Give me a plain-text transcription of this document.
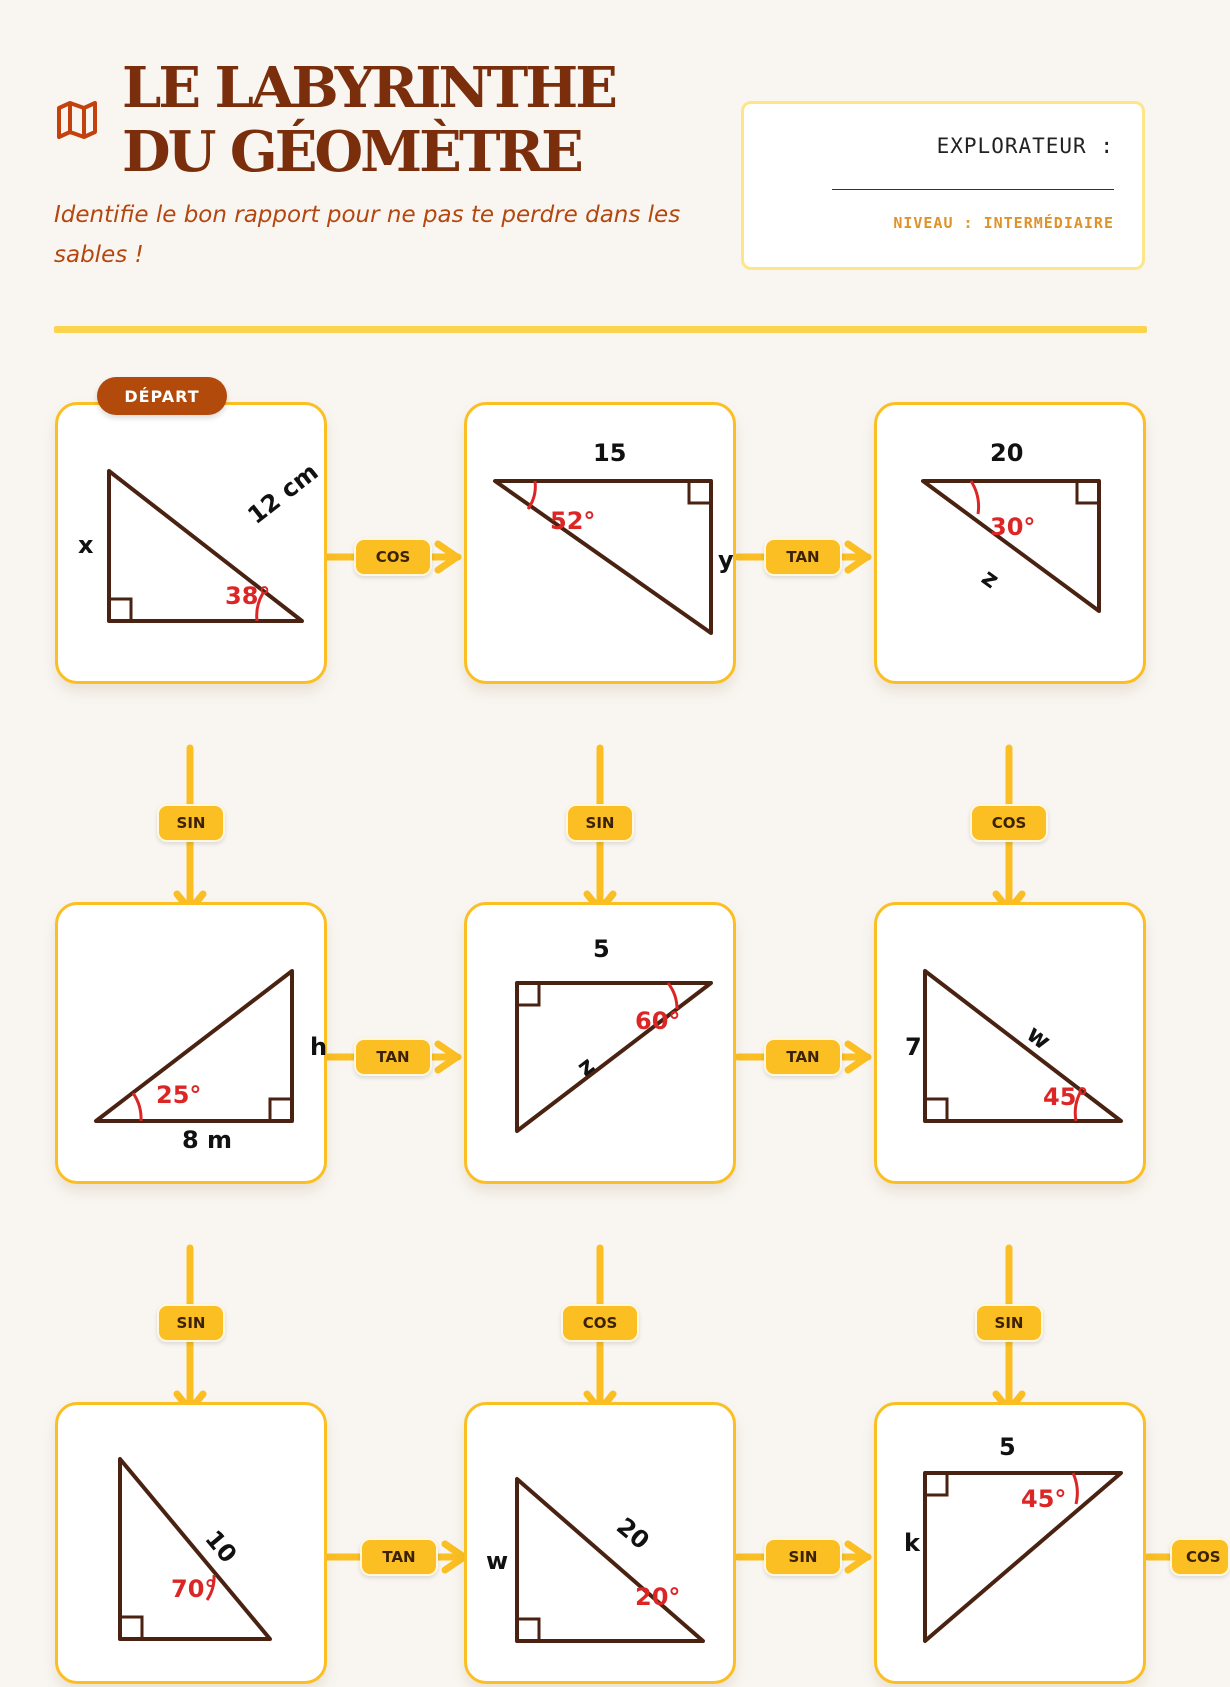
LE LABYRINTHE DU GÉOMÈTRE

Identifie le bon rapport pour ne pas te perdre dans les sables !

EXPLORATEUR :
NIVEAU : INTERMÉDIAIRE
x
12 cm
38°
DÉPART
15
y
52°
20
z
30°
h
8 m
25°
5
z
60°
7	w
45°
10
70°
w
20
20°
5
k
45°
COS	TAN
SIN	SIN	COS
TAN	TAN
SIN	COS	SIN
TAN	SIN	COS
